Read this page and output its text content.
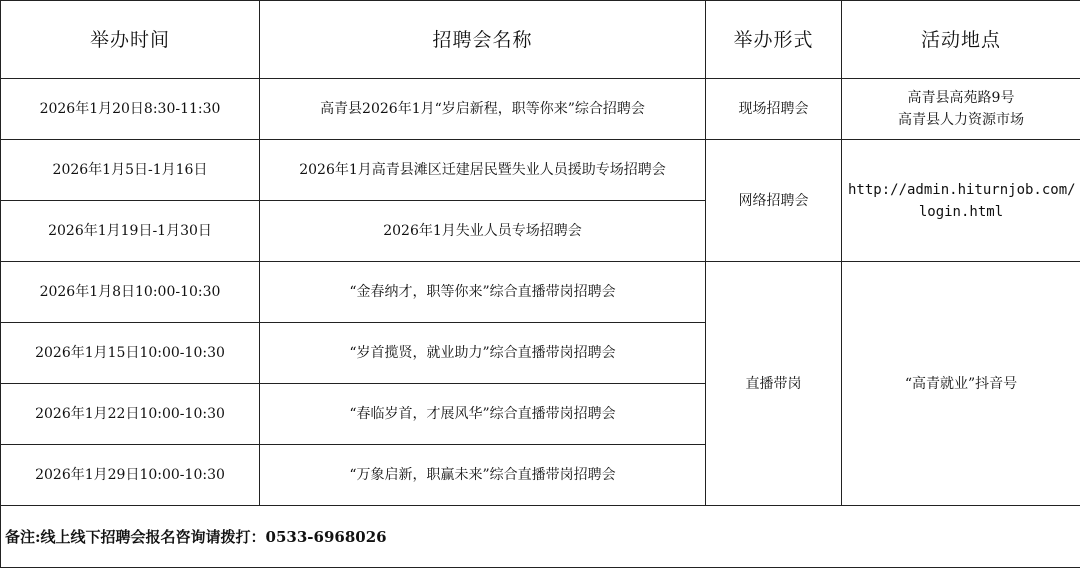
举办时间	招聘会名称	举办形式	活动地点
2026年1月20日8:30-11:30	高青县2026年1月“岁启新程，职等你来”综合招聘会	现场招聘会	高青县高苑路9号
高青县人力资源市场

2026年1月5日-1月16日	2026年1月高青县滩区迁建居民暨失业人员援助专场招聘会	网络招聘会	http://admin.hiturnjob.com/
login.html

2026年1月19日-1月30日	2026年1月失业人员专场招聘会		
2026年1月8日10:00-10:30	“金春纳才，职等你来”综合直播带岗招聘会	直播带岗	“高青就业”抖音号
2026年1月15日10:00-10:30	“岁首揽贤，就业助力”综合直播带岗招聘会		
2026年1月22日10:00-10:30	“春临岁首，才展风华”综合直播带岗招聘会		
2026年1月29日10:00-10:30	“万象启新，职赢未来”综合直播带岗招聘会		
备注:线上线下招聘会报名咨询请拨打：0533-6968026			
